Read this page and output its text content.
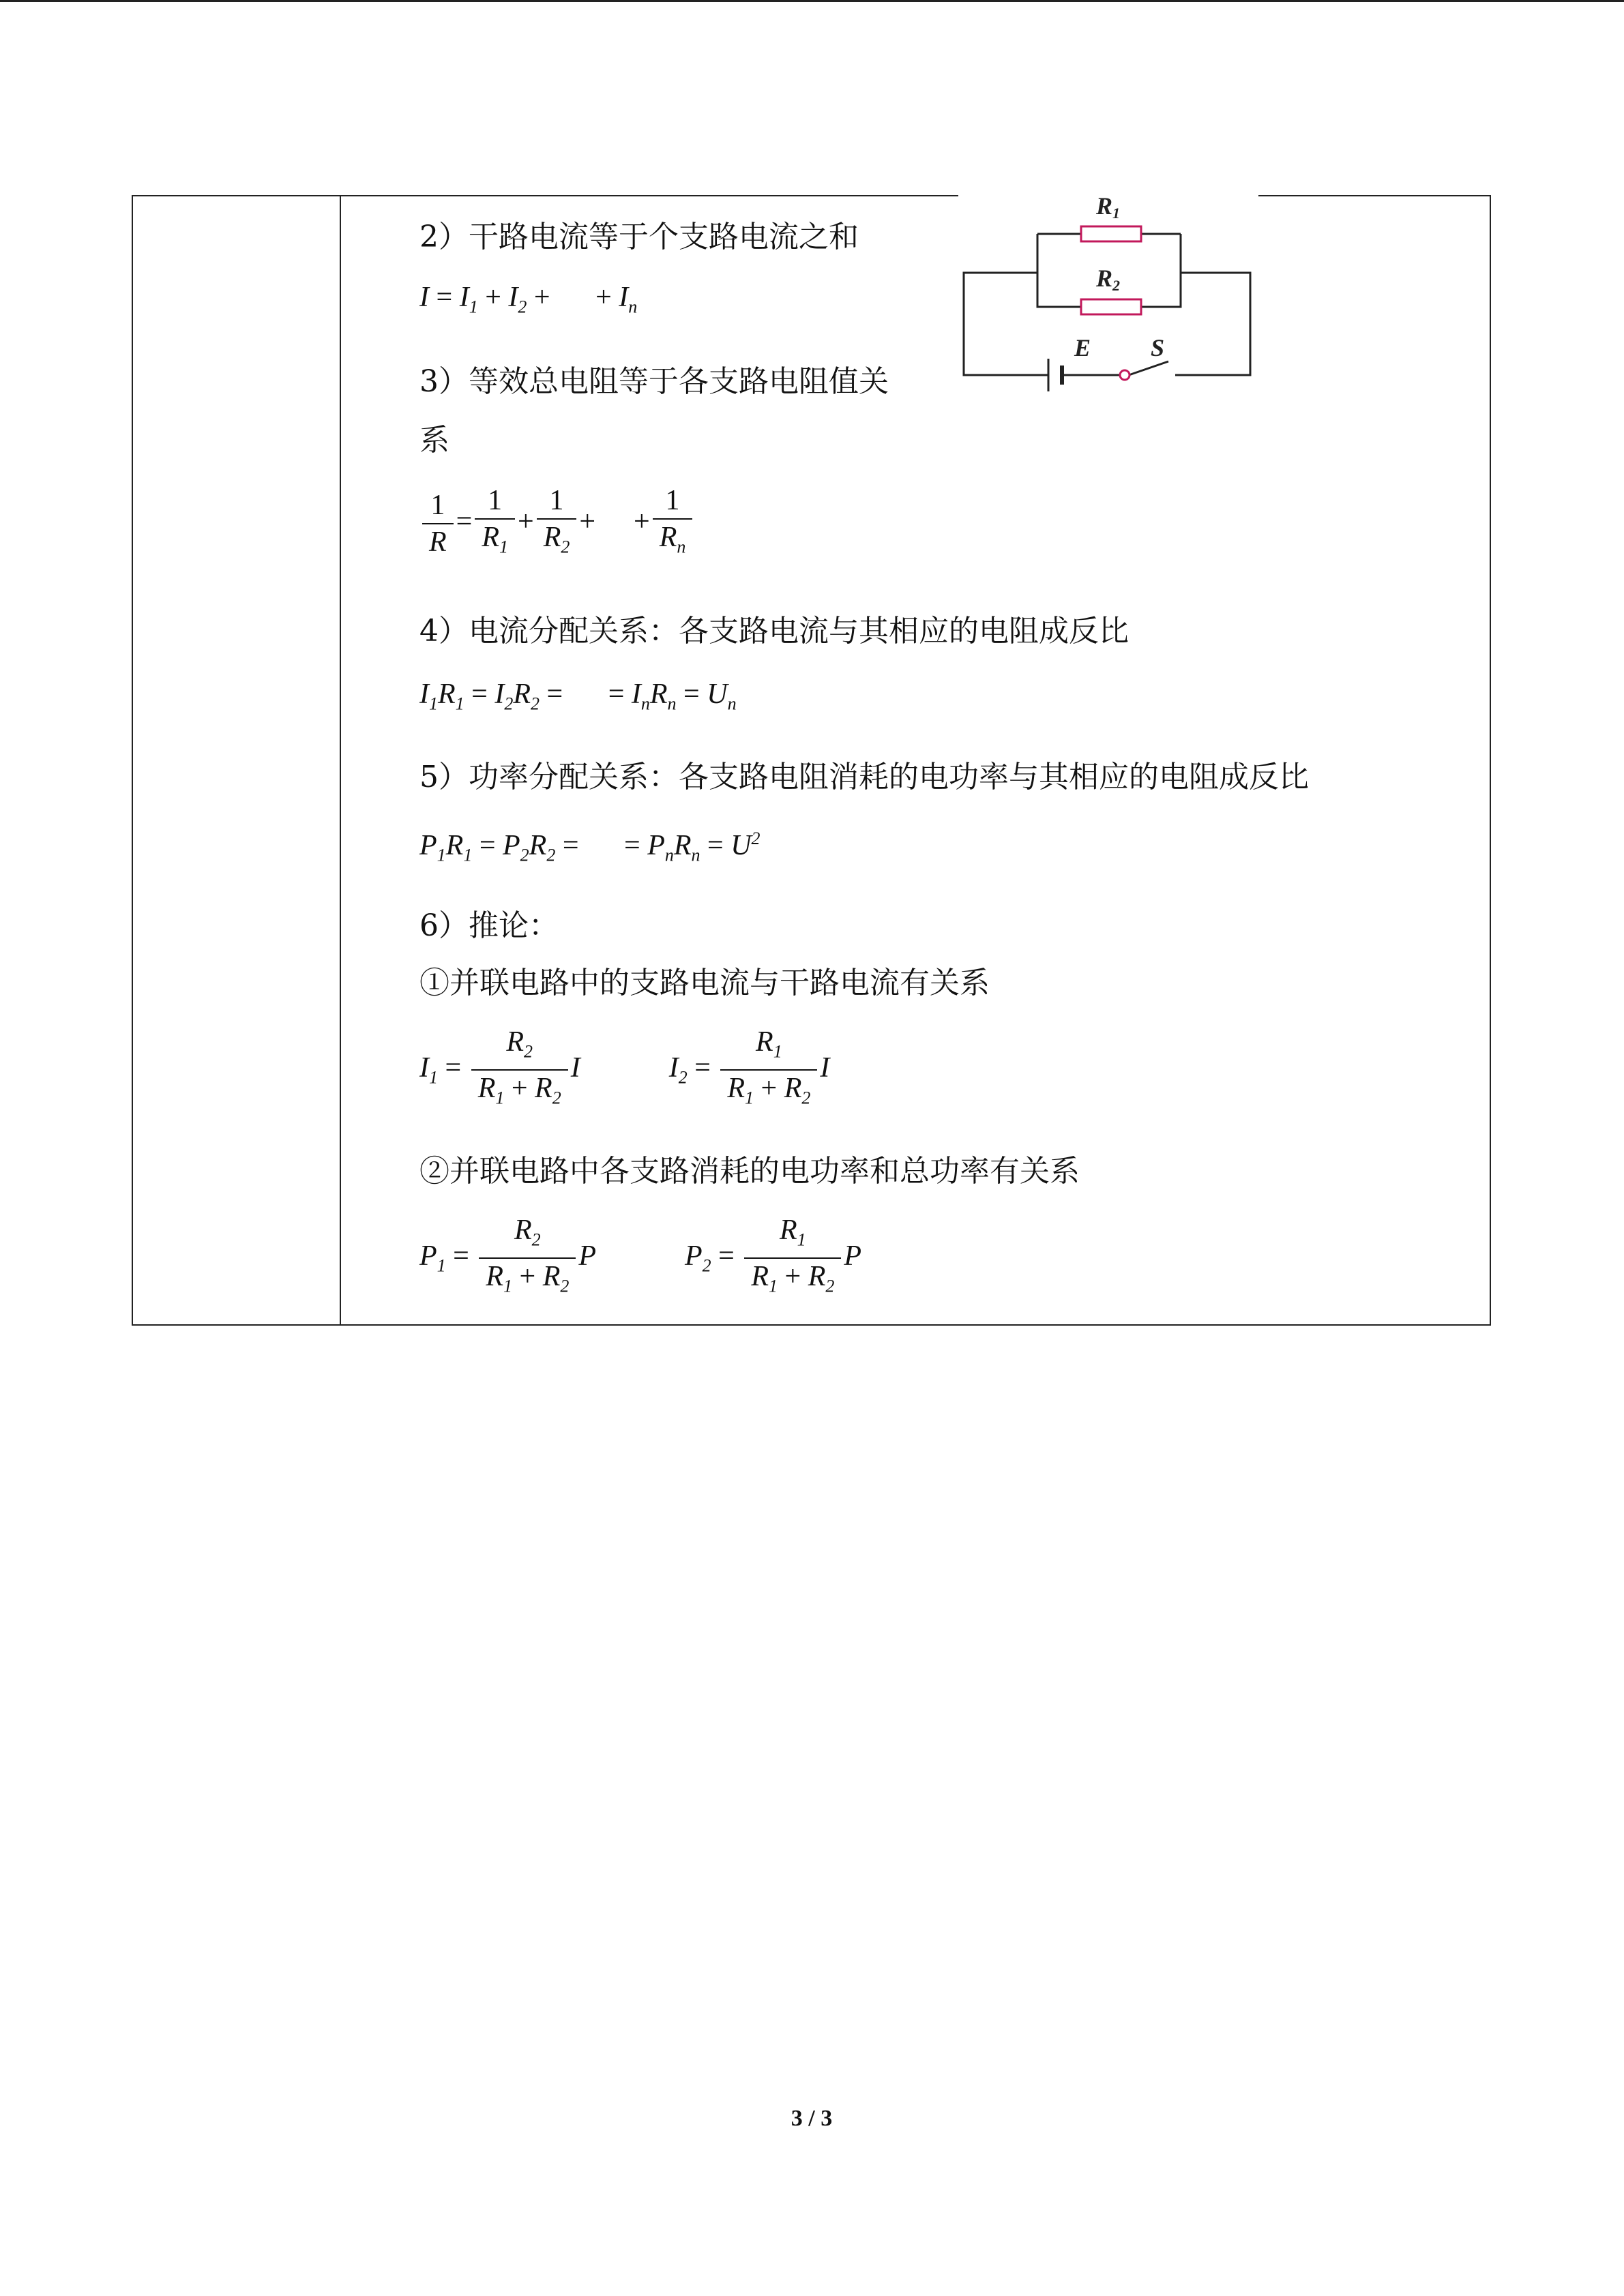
2）干路电流等于个支路电流之和
$I = I_1 + I_2$ + + $I_n$
3）等效总电阻等于各支路电阻值关
系
$\frac{1}{R} = \frac{1}{R_1} + \frac{1}{R_2}$ + + $\frac{1}{R_n}$
4）电流分配关系：各支路电流与其相应的电阻成反比
$I_1R_1 = I_2R_2$ = = $I_nR_n = U_n$
5）功率分配关系：各支路电阻消耗的电功率与其相应的电阻成反比
$P_1R_1 = P_2R_2$ = = $P_nR_n = U^2$
6）推论：
①并联电路中的支路电流与干路电流有关系
$I_1 = \frac{R_2}{R_1 + R_2}$ I	$I_2 = \frac{R_1}{R_1 + R_2}$ I
②并联电路中各支路消耗的电功率和总功率有关系
$P_1 = \frac{R_2}{R_1 + R_2}$ P	$P_2 = \frac{R_1}{R_1 + R_2}$ P
R1
R2
E S
3 / 3
